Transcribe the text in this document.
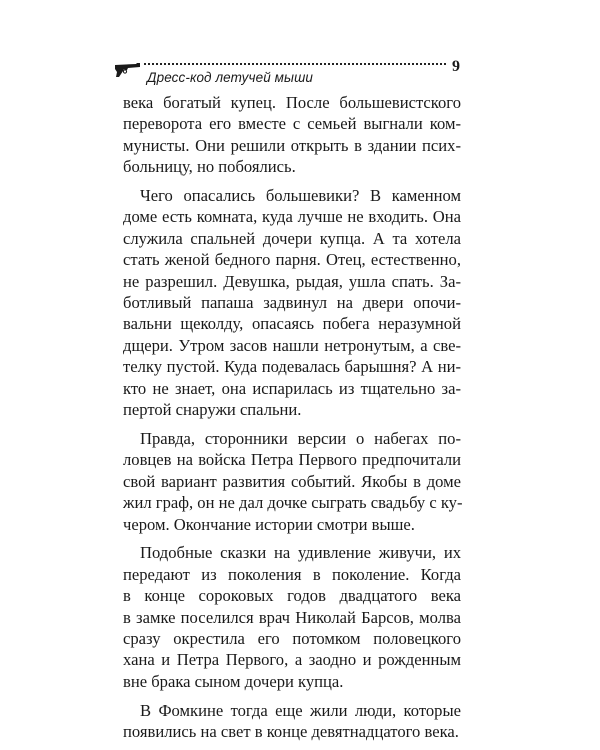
Дресс-код летучей мыши
9
века богатый купец. После большевистского
переворота его вместе с семьей выгнали ком-
мунисты. Они решили открыть в здании псих-
больницу, но побоялись.
Чего опасались большевики? В каменном
доме есть комната, куда лучше не входить. Она
служила спальней дочери купца. А та хотела
стать женой бедного парня. Отец, естественно,
не разрешил. Девушка, рыдая, ушла спать. За-
ботливый папаша задвинул на двери опочи-
вальни щеколду, опасаясь побега неразумной
дщери. Утром засов нашли нетронутым, а све-
телку пустой. Куда подевалась барышня? А ни-
кто не знает, она испарилась из тщательно за-
пертой снаружи спальни.
Правда, сторонники версии о набегах по-
ловцев на войска Петра Первого предпочитали
свой вариант развития событий. Якобы в доме
жил граф, он не дал дочке сыграть свадьбу с ку-
чером. Окончание истории смотри выше.
Подобные сказки на удивление живучи, их
передают из поколения в поколение. Когда
в конце сороковых годов двадцатого века
в замке поселился врач Николай Барсов, молва
сразу окрестила его потомком половецкого
хана и Петра Первого, а заодно и рожденным
вне брака сыном дочери купца.
В Фомкине тогда еще жили люди, которые
появились на свет в конце девятнадцатого века.
